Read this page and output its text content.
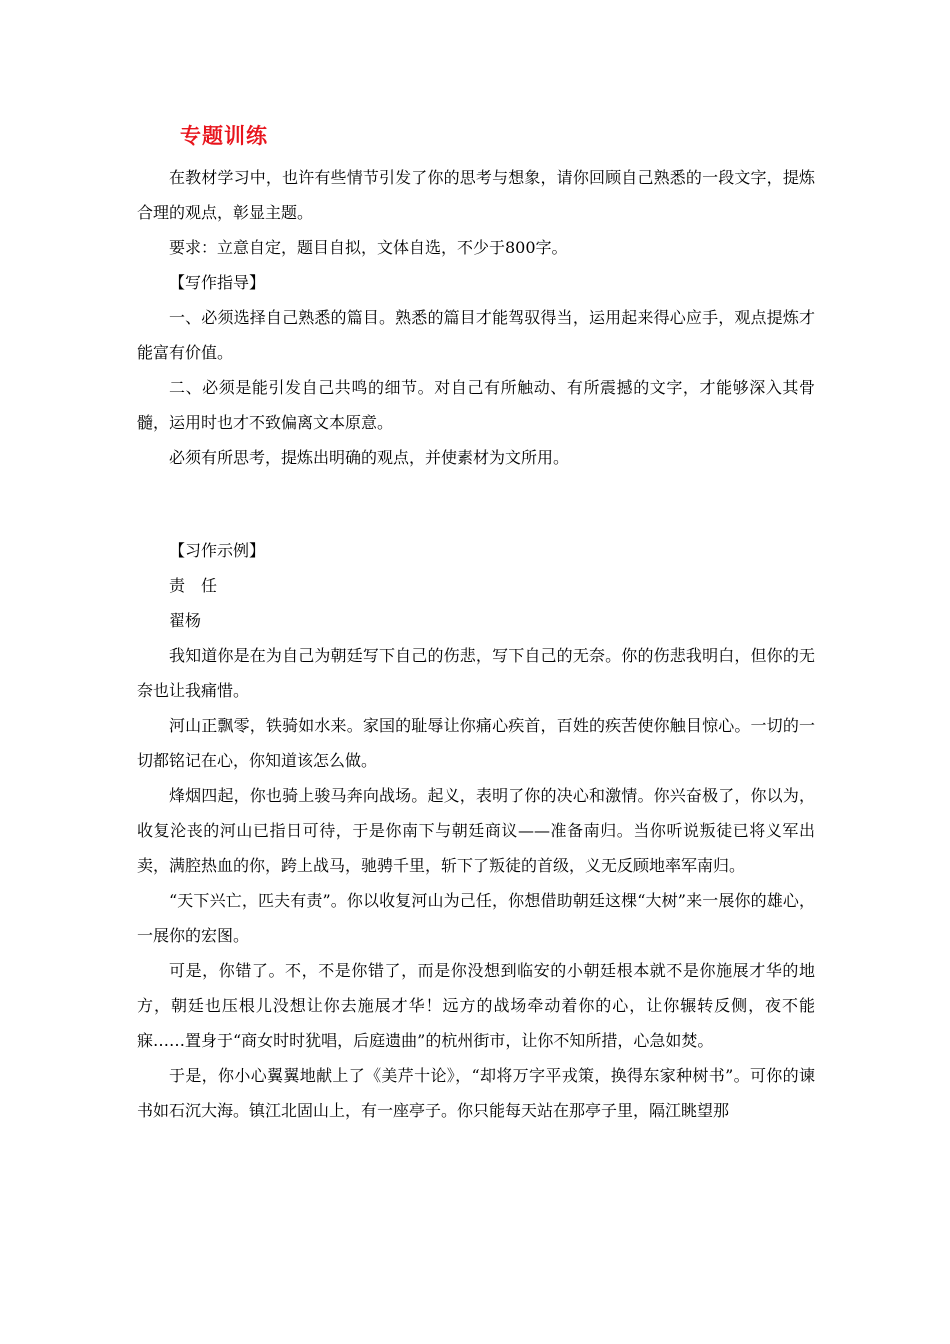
专题训练

在教材学习中，也许有些情节引发了你的思考与想象，请你回顾自己熟悉的一段文字，提炼合理的观点，彰显主题。

要求：立意自定，题目自拟，文体自选，不少于800字。

【写作指导】

一、必须选择自己熟悉的篇目。熟悉的篇目才能驾驭得当，运用起来得心应手，观点提炼才能富有价值。

二、必须是能引发自己共鸣的细节。对自己有所触动、有所震撼的文字，才能够深入其骨髓，运用时也才不致偏离文本原意。

必须有所思考，提炼出明确的观点，并使素材为文所用。

【习作示例】

责　任

翟杨

我知道你是在为自己为朝廷写下自己的伤悲，写下自己的无奈。你的伤悲我明白，但你的无奈也让我痛惜。

河山正飘零，铁骑如水来。家国的耻辱让你痛心疾首，百姓的疾苦使你触目惊心。一切的一切都铭记在心，你知道该怎么做。

烽烟四起，你也骑上骏马奔向战场。起义，表明了你的决心和激情。你兴奋极了，你以为，收复沦丧的河山已指日可待，于是你南下与朝廷商议——准备南归。当你听说叛徒已将义军出卖，满腔热血的你，跨上战马，驰骋千里，斩下了叛徒的首级，义无反顾地率军南归。

“天下兴亡，匹夫有责”。你以收复河山为己任，你想借助朝廷这棵“大树”来一展你的雄心，一展你的宏图。

可是，你错了。不，不是你错了，而是你没想到临安的小朝廷根本就不是你施展才华的地方，朝廷也压根儿没想让你去施展才华！远方的战场牵动着你的心，让你辗转反侧，夜不能寐……置身于“商女时时犹唱，后庭遗曲”的杭州街市，让你不知所措，心急如焚。

于是，你小心翼翼地献上了《美芹十论》，“却将万字平戎策，换得东家种树书”。可你的谏书如石沉大海。镇江北固山上，有一座亭子。你只能每天站在那亭子里，隔江眺望那
